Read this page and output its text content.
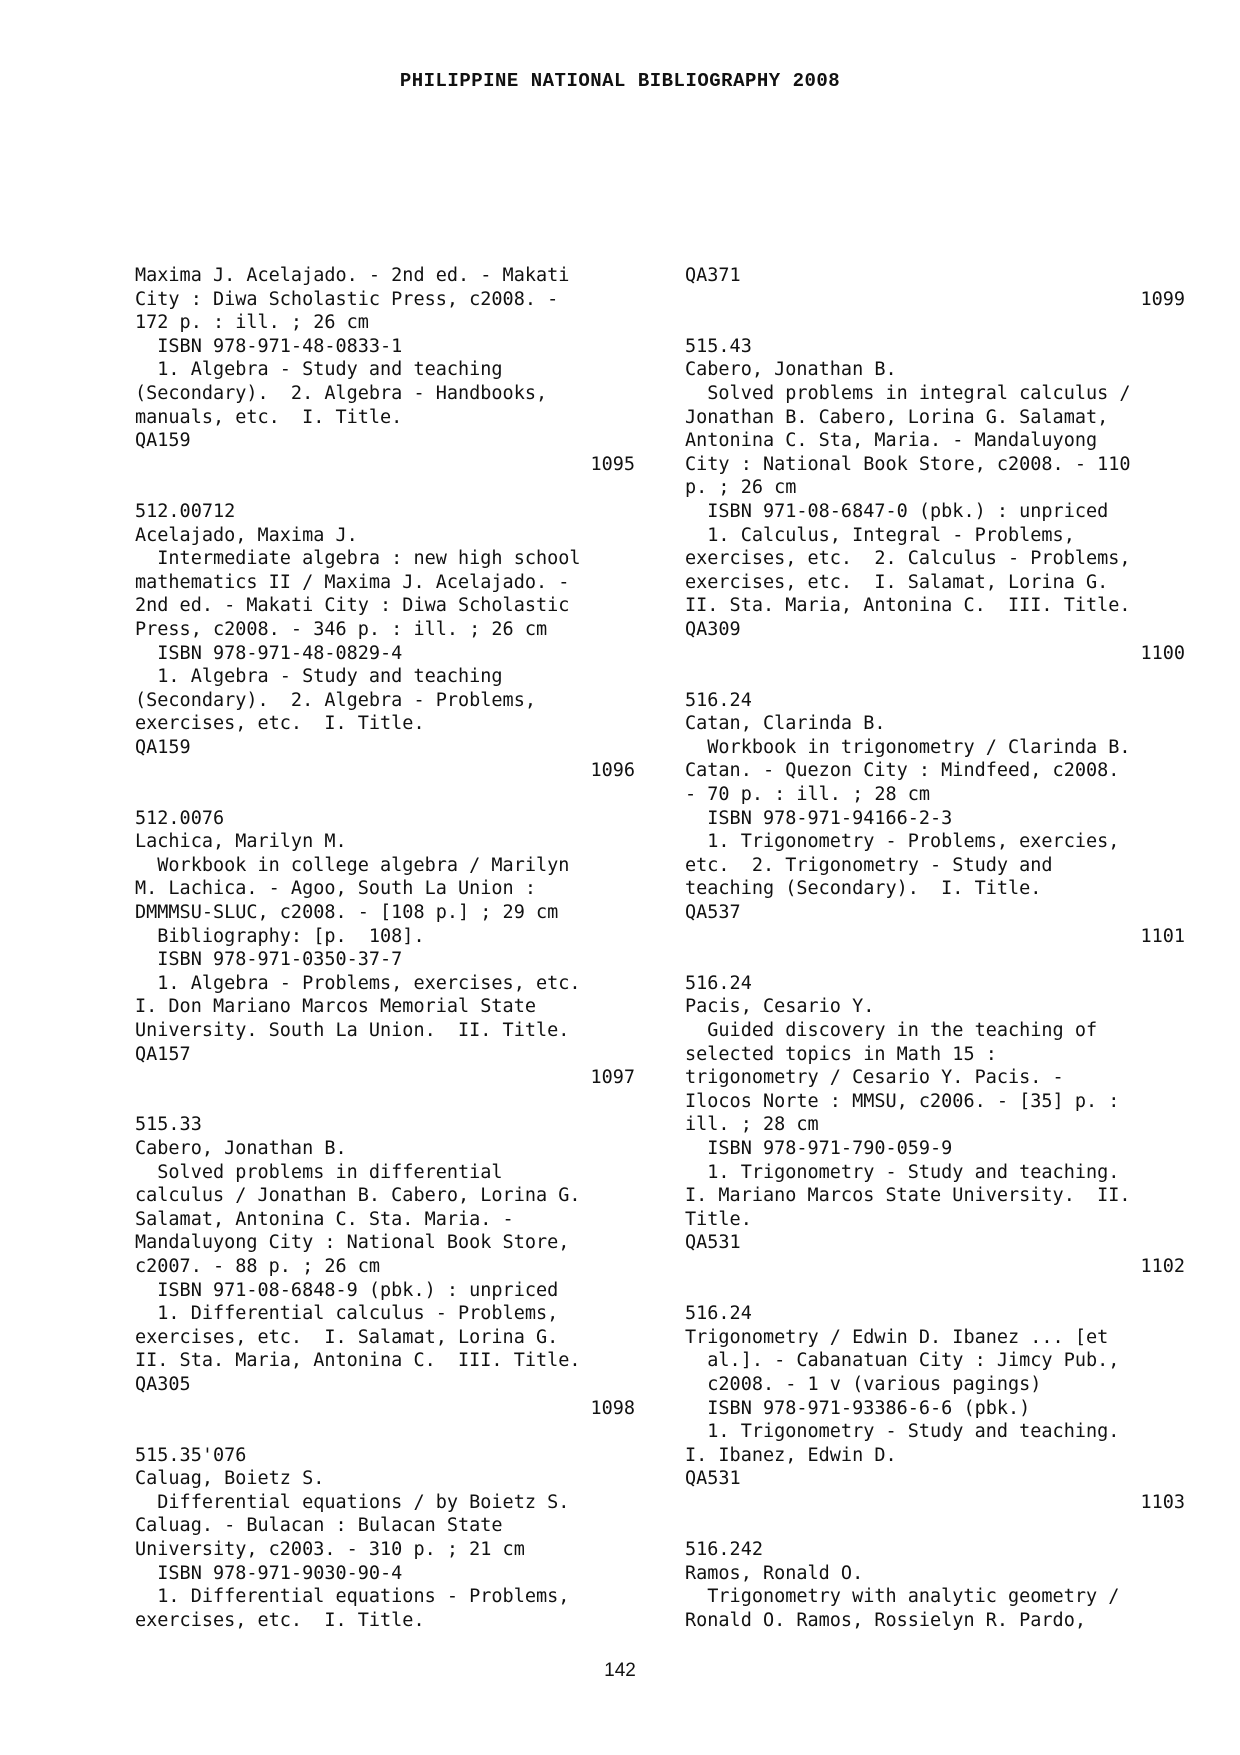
PHILIPPINE NATIONAL BIBLIOGRAPHY 2008
Maxima J. Acelajado. - 2nd ed. - Makati
City : Diwa Scholastic Press, c2008. -
172 p. : ill. ; 26 cm
ISBN 978-971-48-0833-1
1. Algebra - Study and teaching
(Secondary).  2. Algebra - Handbooks,
manuals, etc.  I. Title.
QA159
1095
512.00712
Acelajado, Maxima J.
Intermediate algebra : new high school
mathematics II / Maxima J. Acelajado. -
2nd ed. - Makati City : Diwa Scholastic
Press, c2008. - 346 p. : ill. ; 26 cm
ISBN 978-971-48-0829-4
1. Algebra - Study and teaching
(Secondary).  2. Algebra - Problems,
exercises, etc.  I. Title.
QA159
1096
512.0076
Lachica, Marilyn M.
Workbook in college algebra / Marilyn
M. Lachica. - Agoo, South La Union :
DMMMSU-SLUC, c2008. - [108 p.] ; 29 cm
Bibliography: [p.  108].
ISBN 978-971-0350-37-7
1. Algebra - Problems, exercises, etc.
I. Don Mariano Marcos Memorial State
University. South La Union.  II. Title.
QA157
1097
515.33
Cabero, Jonathan B.
Solved problems in differential
calculus / Jonathan B. Cabero, Lorina G.
Salamat, Antonina C. Sta. Maria. -
Mandaluyong City : National Book Store,
c2007. - 88 p. ; 26 cm
ISBN 971-08-6848-9 (pbk.) : unpriced
1. Differential calculus - Problems,
exercises, etc.  I. Salamat, Lorina G.
II. Sta. Maria, Antonina C.  III. Title.
QA305
1098
515.35'076
Caluag, Boietz S.
Differential equations / by Boietz S.
Caluag. - Bulacan : Bulacan State
University, c2003. - 310 p. ; 21 cm
ISBN 978-971-9030-90-4
1. Differential equations - Problems,
exercises, etc.  I. Title.
QA371
1099
515.43
Cabero, Jonathan B.
Solved problems in integral calculus /
Jonathan B. Cabero, Lorina G. Salamat,
Antonina C. Sta, Maria. - Mandaluyong
City : National Book Store, c2008. - 110
p. ; 26 cm
ISBN 971-08-6847-0 (pbk.) : unpriced
1. Calculus, Integral - Problems,
exercises, etc.  2. Calculus - Problems,
exercises, etc.  I. Salamat, Lorina G.
II. Sta. Maria, Antonina C.  III. Title.
QA309
1100
516.24
Catan, Clarinda B.
Workbook in trigonometry / Clarinda B.
Catan. - Quezon City : Mindfeed, c2008.
- 70 p. : ill. ; 28 cm
ISBN 978-971-94166-2-3
1. Trigonometry - Problems, exercies,
etc.  2. Trigonometry - Study and
teaching (Secondary).  I. Title.
QA537
1101
516.24
Pacis, Cesario Y.
Guided discovery in the teaching of
selected topics in Math 15 :
trigonometry / Cesario Y. Pacis. -
Ilocos Norte : MMSU, c2006. - [35] p. :
ill. ; 28 cm
ISBN 978-971-790-059-9
1. Trigonometry - Study and teaching.
I. Mariano Marcos State University.  II.
Title.
QA531
1102
516.24
Trigonometry / Edwin D. Ibanez ... [et
al.]. - Cabanatuan City : Jimcy Pub.,
c2008. - 1 v (various pagings)
ISBN 978-971-93386-6-6 (pbk.)
1. Trigonometry - Study and teaching.
I. Ibanez, Edwin D.
QA531
1103
516.242
Ramos, Ronald O.
Trigonometry with analytic geometry /
Ronald O. Ramos, Rossielyn R. Pardo,
142
